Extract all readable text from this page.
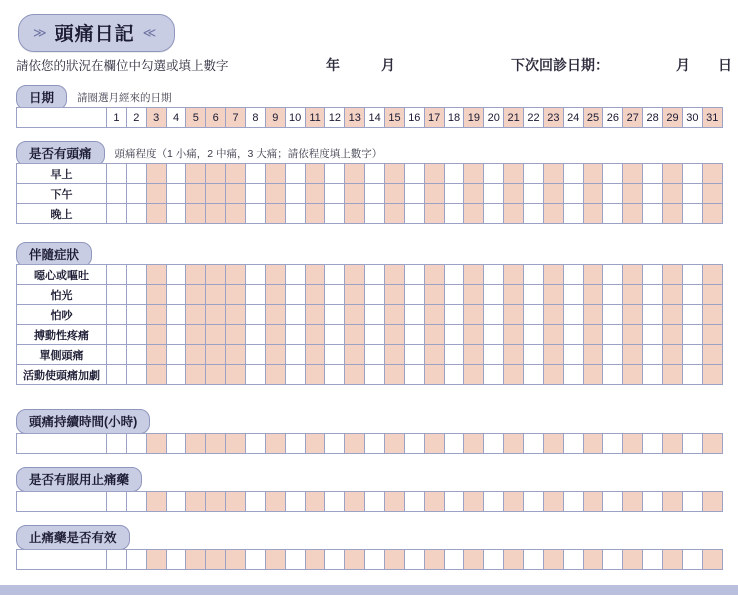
≫ 頭痛日記 ≪
請依您的狀況在欄位中勾選或填上數字	年	月	下次回診日期：	月 日
日期	請圈選月經來的日期
	1	2	3	4	5	6	7	8	9	10	11	12	13	14	15	16	17	18	19	20	21	22	23	24	25	26	27	28	29	30	31
是否有頭痛	頭痛程度（1 小痛，2 中痛，3 大痛；請依程度填上數字）
早上																															
下午																															
晚上																															
伴隨症狀
噁心或嘔吐																															
怕光																															
怕吵																															
搏動性疼痛																															
單側頭痛																															
活動使頭痛加劇																															
頭痛持續時間(小時)

是否有服用止痛藥

止痛藥是否有效
